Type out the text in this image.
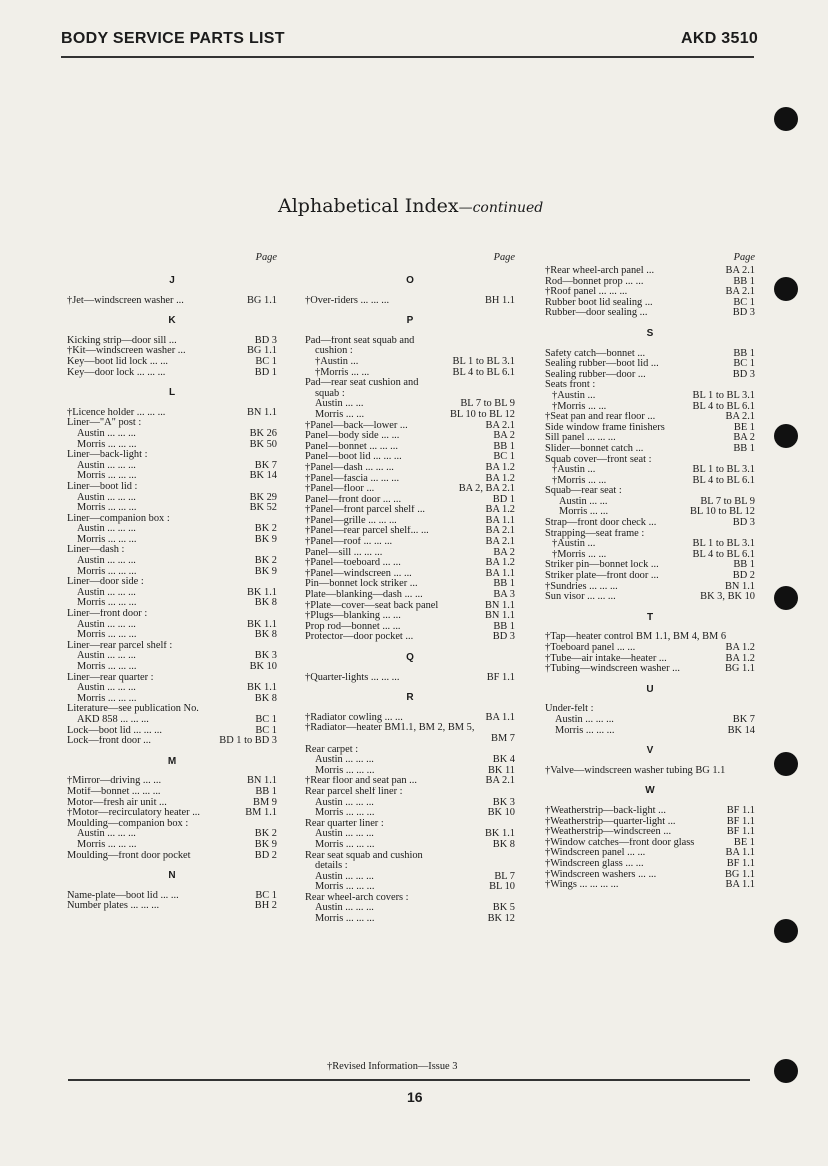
BODY SERVICE PARTS LIST	AKD 3510
Alphabetical Index—continued
Page
J
†Jet—windscreen washer ...	BG 1.1
K
Kicking strip—door sill ...	BD 3
†Kit—windscreen washer ...	BG 1.1
Key—boot lid lock ... ...	BC 1
Key—door lock ... ... ...	BD 1
L
†Licence holder ... ... ...	BN 1.1
Liner—"A" post :
Austin ... ... ...	BK 26
Morris ... ... ...	BK 50
Liner—back-light :
Austin ... ... ...	BK 7
Morris ... ... ...	BK 14
Liner—boot lid :
Austin ... ... ...	BK 29
Morris ... ... ...	BK 52
Liner—companion box :
Austin ... ... ...	BK 2
Morris ... ... ...	BK 9
Liner—dash :
Austin ... ... ...	BK 2
Morris ... ... ...	BK 9
Liner—door side :
Austin ... ... ...	BK 1.1
Morris ... ... ...	BK 8
Liner—front door :
Austin ... ... ...	BK 1.1
Morris ... ... ...	BK 8
Liner—rear parcel shelf :
Austin ... ... ...	BK 3
Morris ... ... ...	BK 10
Liner—rear quarter :
Austin ... ... ...	BK 1.1
Morris ... ... ...	BK 8
Literature—see publication No.
AKD 858 ... ... ...	BC 1
Lock—boot lid ... ... ...	BC 1
Lock—front door ...	BD 1 to BD 3
M
†Mirror—driving ... ...	BN 1.1
Motif—bonnet ... ... ...	BB 1
Motor—fresh air unit ...	BM 9
†Motor—recirculatory heater ...	BM 1.1
Moulding—companion box :
Austin ... ... ...	BK 2
Morris ... ... ...	BK 9
Moulding—front door pocket	BD 2
N
Name-plate—boot lid ... ...	BC 1
Number plates ... ... ...	BH 2
Page
O
†Over-riders ... ... ...	BH 1.1
P
Pad—front seat squab and
cushion :
†Austin ...	BL 1 to BL 3.1
†Morris ... ...	BL 4 to BL 6.1
Pad—rear seat cushion and
squab :
Austin ... ...	BL 7 to BL 9
Morris ... ...	BL 10 to BL 12
†Panel—back—lower ...	BA 2.1
Panel—body side ... ...	BA 2
Panel—bonnet ... ... ...	BB 1
Panel—boot lid ... ... ...	BC 1
†Panel—dash ... ... ...	BA 1.2
†Panel—fascia ... ... ...	BA 1.2
†Panel—floor ...	BA 2, BA 2.1
Panel—front door ... ...	BD 1
†Panel—front parcel shelf ...	BA 1.2
†Panel—grille ... ... ...	BA 1.1
†Panel—rear parcel shelf... ...	BA 2.1
†Panel—roof ... ... ...	BA 2.1
Panel—sill ... ... ...	BA 2
†Panel—toeboard ... ...	BA 1.2
†Panel—windscreen ... ...	BA 1.1
Pin—bonnet lock striker ...	BB 1
Plate—blanking—dash ... ...	BA 3
†Plate—cover—seat back panel	BN 1.1
†Plugs—blanking ... ...	BN 1.1
Prop rod—bonnet ... ...	BB 1
Protector—door pocket ...	BD 3
Q
†Quarter-lights ... ... ...	BF 1.1
R
†Radiator cowling ... ...	BA 1.1
†Radiator—heater BM1.1, BM 2, BM 5,
BM 7
Rear carpet :
Austin ... ... ...	BK 4
Morris ... ... ...	BK 11
†Rear floor and seat pan ...	BA 2.1
Rear parcel shelf liner :
Austin ... ... ...	BK 3
Morris ... ... ...	BK 10
Rear quarter liner :
Austin ... ... ...	BK 1.1
Morris ... ... ...	BK 8
Rear seat squab and cushion
details :
Austin ... ... ...	BL 7
Morris ... ... ...	BL 10
Rear wheel-arch covers :
Austin ... ... ...	BK 5
Morris ... ... ...	BK 12
Page
†Rear wheel-arch panel ...	BA 2.1
Rod—bonnet prop ... ...	BB 1
†Roof panel ... ... ...	BA 2.1
Rubber boot lid sealing ...	BC 1
Rubber—door sealing ...	BD 3
S
Safety catch—bonnet ...	BB 1
Sealing rubber—boot lid ...	BC 1
Sealing rubber—door ...	BD 3
Seats front :
†Austin ...	BL 1 to BL 3.1
†Morris ... ...	BL 4 to BL 6.1
†Seat pan and rear floor ...	BA 2.1
Side window frame finishers	BE 1
Sill panel ... ... ...	BA 2
Slider—bonnet catch ...	BB 1
Squab cover—front seat :
†Austin ...	BL 1 to BL 3.1
†Morris ... ...	BL 4 to BL 6.1
Squab—rear seat :
Austin ... ...	BL 7 to BL 9
Morris ... ...	BL 10 to BL 12
Strap—front door check ...	BD 3
Strapping—seat frame :
†Austin ...	BL 1 to BL 3.1
†Morris ... ...	BL 4 to BL 6.1
Striker pin—bonnet lock ...	BB 1
Striker plate—front door ...	BD 2
†Sundries ... ... ...	BN 1.1
Sun visor ... ... ...	BK 3, BK 10
T
†Tap—heater control BM 1.1, BM 4, BM 6
†Toeboard panel ... ...	BA 1.2
†Tube—air intake—heater ...	BA 1.2
†Tubing—windscreen washer ...	BG 1.1
U
Under-felt :
Austin ... ... ...	BK 7
Morris ... ... ...	BK 14
V
†Valve—windscreen washer tubing BG 1.1
W
†Weatherstrip—back-light ...	BF 1.1
†Weatherstrip—quarter-light ...	BF 1.1
†Weatherstrip—windscreen ...	BF 1.1
†Window catches—front door glass	BE 1
†Windscreen panel ... ...	BA 1.1
†Windscreen glass ... ...	BF 1.1
†Windscreen washers ... ...	BG 1.1
†Wings ... ... ... ...	BA 1.1
†Revised Information—Issue 3
16
